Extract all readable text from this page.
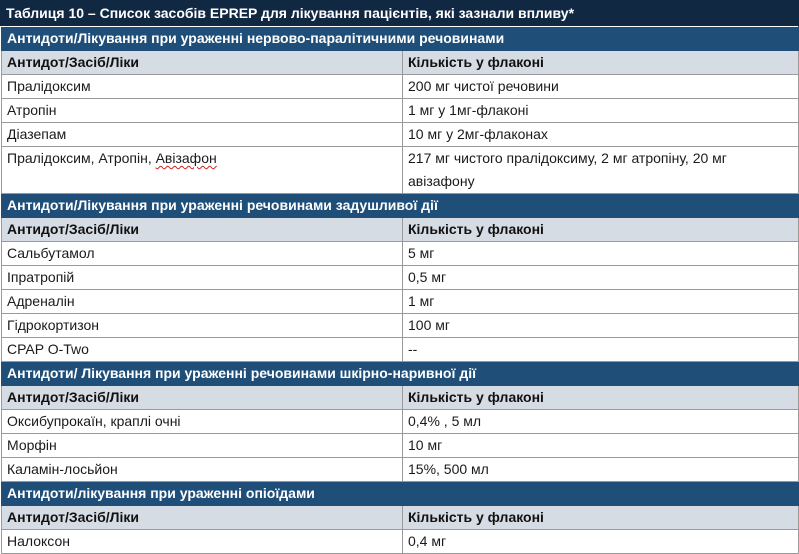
Таблиця 10 – Список засобів EPREP для лікування пацієнтів, які зазнали впливу*
Антидоти/Лікування при ураженні нервово-паралітичними речовинами	
Антидот/Засіб/Ліки	Кількість у флаконі
Пралідоксим	200 мг чистої речовини
Атропін	1 мг у 1мг-флаконі
Діазепам	10 мг у 2мг-флаконах
Пралідоксим, Атропін, Авізафон	217 мг чистого пралідоксиму, 2 мг атропіну, 20 мг авізафону
Антидоти/Лікування при ураженні речовинами задушливої дії	
Антидот/Засіб/Ліки	Кількість у флаконі
Сальбутамол	5 мг
Іпратропій	0,5 мг
Адреналін	1 мг
Гідрокортизон	100 мг
CPAP O-Two	--
Антидоти/ Лікування при ураженні речовинами шкірно-наривної дії	
Антидот/Засіб/Ліки	Кількість у флаконі
Оксибупрокаїн, краплі очні	0,4% , 5 мл
Морфін	10 мг
Каламін-лосьйон	15%, 500 мл
Антидоти/лікування при ураженні опіоїдами	
Антидот/Засіб/Ліки	Кількість у флаконі
Налоксон	0,4 мг
